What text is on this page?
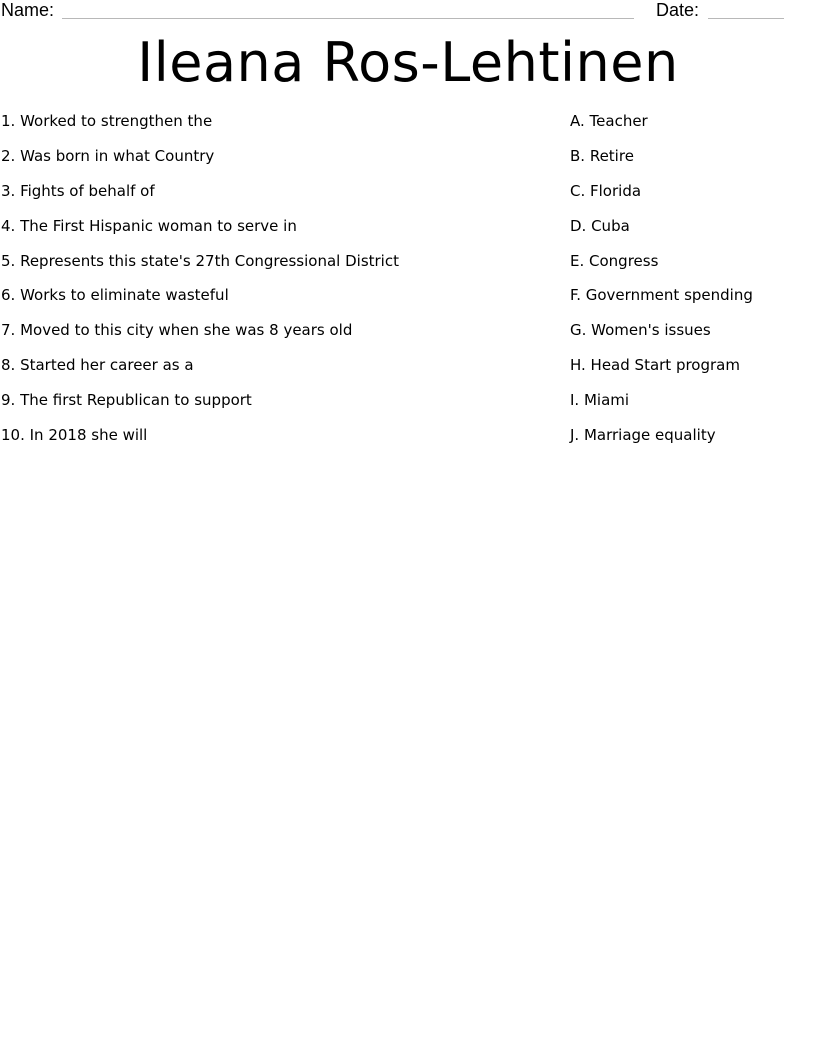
Name:	Date:
Ileana Ros-Lehtinen
1. Worked to strengthen the
2. Was born in what Country
3. Fights of behalf of
4. The First Hispanic woman to serve in
5. Represents this state's 27th Congressional District
6. Works to eliminate wasteful
7. Moved to this city when she was 8 years old
8. Started her career as a
9. The first Republican to support
10. In 2018 she will
A. Teacher
B. Retire
C. Florida
D. Cuba
E. Congress
F. Government spending
G. Women's issues
H. Head Start program
I. Miami
J. Marriage equality
